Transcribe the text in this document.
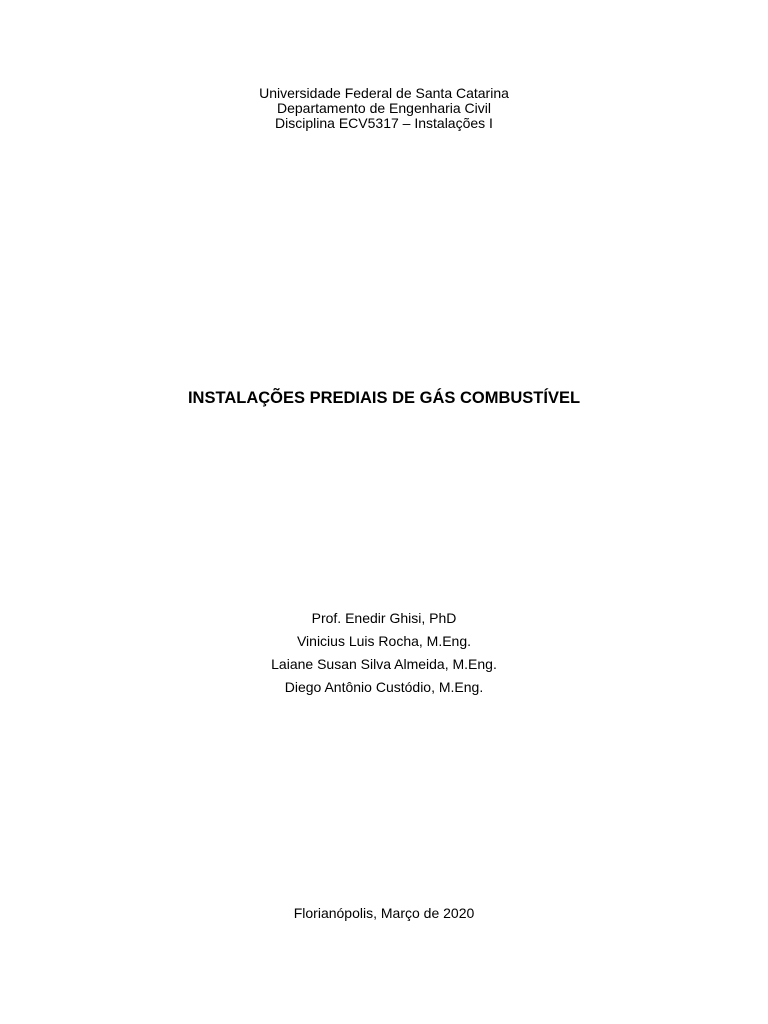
Universidade Federal de Santa Catarina
Departamento de Engenharia Civil
Disciplina ECV5317 – Instalações I
INSTALAÇÕES PREDIAIS DE GÁS COMBUSTÍVEL
Prof. Enedir Ghisi, PhD
Vinicius Luis Rocha, M.Eng.
Laiane Susan Silva Almeida, M.Eng.
Diego Antônio Custódio, M.Eng.
Florianópolis, Março de 2020
